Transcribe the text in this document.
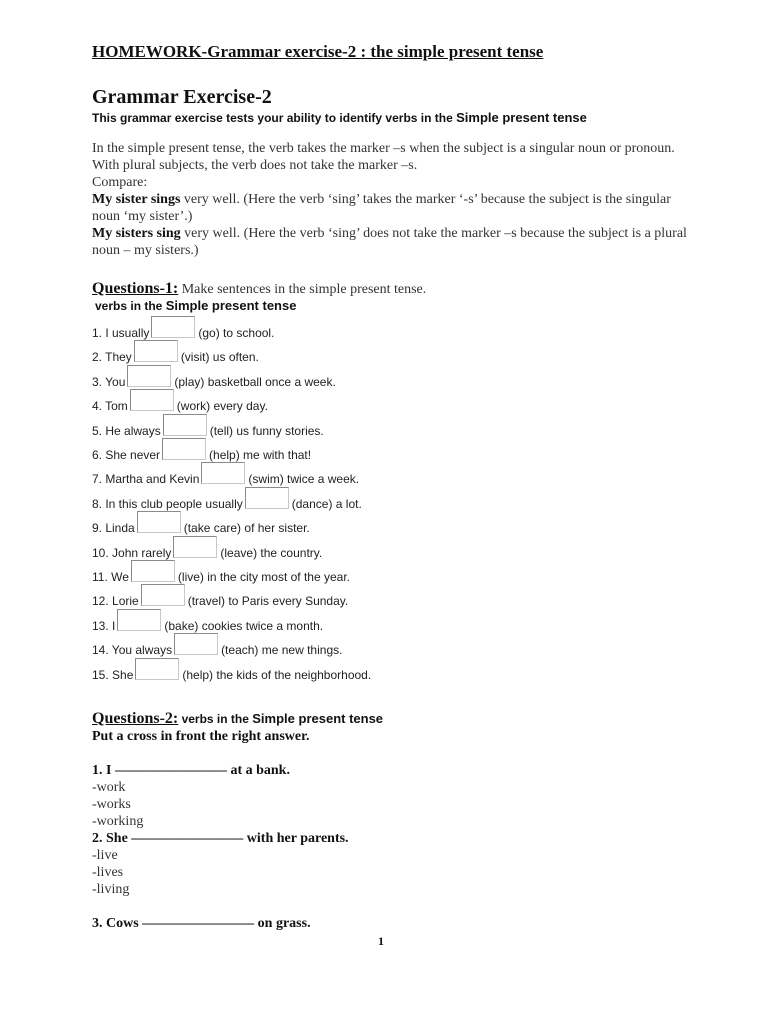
HOMEWORK-Grammar exercise-2 : the simple present tense
Grammar Exercise-2
This grammar exercise tests your ability to identify verbs in the Simple present tense

In the simple present tense, the verb takes the marker –s when the subject is a singular noun or pronoun. With plural subjects, the verb does not take the marker –s.

Compare:

My sister sings very well. (Here the verb ‘sing’ takes the marker ‘-s’ because the subject is the singular noun ‘my sister’.)

My sisters sing very well. (Here the verb ‘sing’ does not take the marker –s because the subject is a plural noun – my sisters.)

Questions-1: Make sentences in the simple present tense.
verbs in the Simple present tense
1. I usually	(go) to school.
2. They	(visit) us often.
3. You	(play) basketball once a week.
4. Tom	(work) every day.
5. He always	(tell) us funny stories.
6. She never	(help) me with that!
7. Martha and Kevin	(swim) twice a week.
8. In this club people usually	(dance) a lot.
9. Linda	(take care) of her sister.
10. John rarely	(leave) the country.
11. We	(live) in the city most of the year.
12. Lorie	(travel) to Paris every Sunday.
13. I	(bake) cookies twice a month.
14. You always	(teach) me new things.
15. She	(help) the kids of the neighborhood.
Questions-2: verbs in the Simple present tense
Put a cross in front the right answer.
1. I ———————— at a bank.
-work
-works
-working
2. She ———————— with her parents.
-live
-lives
-living
3. Cows ———————— on grass.
1
